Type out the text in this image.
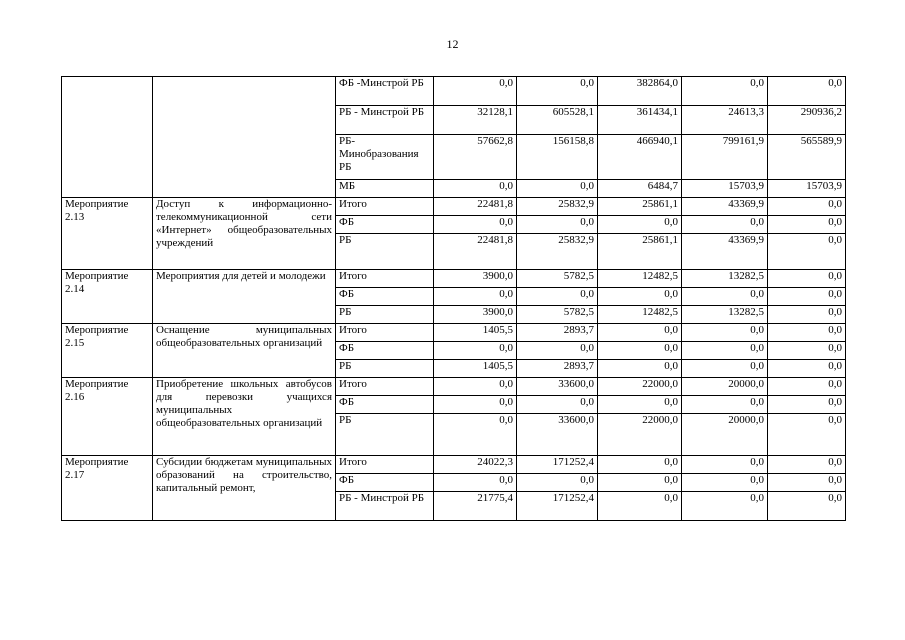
12
		ФБ -Минстрой РБ	0,0	0,0	382864,0	0,0	0,0
		РБ - Минстрой РБ	32128,1	605528,1	361434,1	24613,3	290936,2
		РБ- Минобразования РБ	57662,8	156158,8	466940,1	799161,9	565589,9
		МБ	0,0	0,0	6484,7	15703,9	15703,9
Мероприятие 2.13	Доступ к информационно-телекоммуникационной сети «Интернет» общеобразовательных учреждений	Итого	22481,8	25832,9	25861,1	43369,9	0,0
		ФБ	0,0	0,0	0,0	0,0	0,0
		РБ	22481,8	25832,9	25861,1	43369,9	0,0
Мероприятие 2.14	Мероприятия для детей и молодежи	Итого	3900,0	5782,5	12482,5	13282,5	0,0
		ФБ	0,0	0,0	0,0	0,0	0,0
		РБ	3900,0	5782,5	12482,5	13282,5	0,0
Мероприятие 2.15	Оснащение муниципальных общеобразовательных организаций	Итого	1405,5	2893,7	0,0	0,0	0,0
		ФБ	0,0	0,0	0,0	0,0	0,0
		РБ	1405,5	2893,7	0,0	0,0	0,0
Мероприятие 2.16	Приобретение школьных автобусов для перевозки учащихся муниципальных общеобразовательных организаций	Итого	0,0	33600,0	22000,0	20000,0	0,0
		ФБ	0,0	0,0	0,0	0,0	0,0
		РБ	0,0	33600,0	22000,0	20000,0	0,0
Мероприятие 2.17	Субсидии бюджетам муниципальных образований на строительство, капитальный ремонт,	Итого	24022,3	171252,4	0,0	0,0	0,0
		ФБ	0,0	0,0	0,0	0,0	0,0
		РБ - Минстрой РБ	21775,4	171252,4	0,0	0,0	0,0
